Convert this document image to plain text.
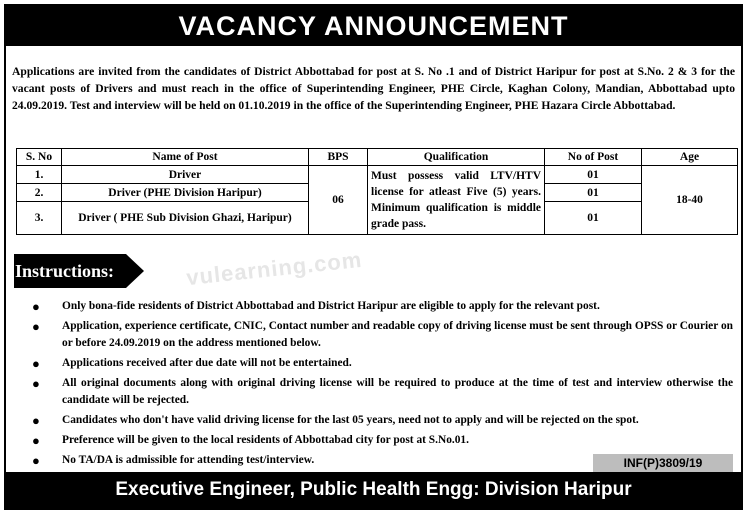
VACANCY ANNOUNCEMENT

Applications are invited from the candidates of District Abbottabad for post at S. No .1 and of District Haripur for post at S.No. 2 & 3 for the vacant posts of Drivers and must reach in the office of Superintending Engineer, PHE Circle, Kaghan Colony, Mandian, Abbottabad upto 24.09.2019. Test and interview will be held on 01.10.2019 in the office of the Superintending Engineer, PHE Hazara Circle Abbottabad.

S. No	Name of Post	BPS	Qualification	No of Post	Age
1.	Driver	06	Must possess valid LTV/HTV license for atleast Five (5) years. Minimum qualification is middle grade pass.	01	18-40
2.	Driver (PHE Division Haripur)			01	
3.	Driver ( PHE Sub Division Ghazi, Haripur)			01	
vulearning.com
Instructions:
● Only bona-fide residents of District Abbottabad and District Haripur are eligible to apply for the relevant post.
● Application, experience certificate, CNIC, Contact number and readable copy of driving license must be sent through OPSS or Courier on or before 24.09.2019 on the address mentioned below.
● Applications received after due date will not be entertained.
● All original documents along with original driving license will be required to produce at the time of test and interview otherwise the candidate will be rejected.
● Candidates who don't have valid driving license for the last 05 years, need not to apply and will be rejected on the spot.
● Preference will be given to the local residents of Abbottabad city for post at S.No.01.
● No TA/DA is admissible for attending test/interview.	INF(P)3809/19
Executive Engineer, Public Health Engg: Division Haripur
